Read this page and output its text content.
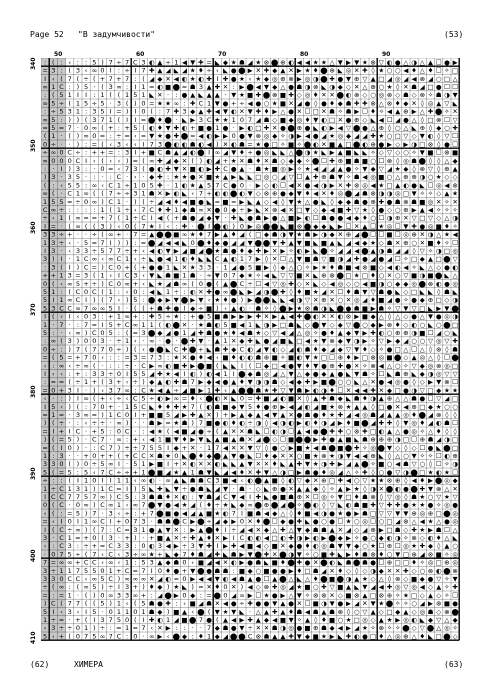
Page 52 "В задумчивости"	(53)
50	60	70	80	90
340
350
360
370
380
390
400
410
: ( : ‹ : : 5 ) 7 ÷ 7 C 3 ◐ ▲ ÷ 1 ◀ ▼ ✚ = ◣ ◆ ★ ☗ ◢ ★ ⊗ ⬤ ⊕ ◐ ◀ ◀ ★ ★ △ ▼ ▶ ▼ ★ ⊗ ▽ ◐ ● △ ◑ △ ▲ ☐ ● ▶
= 3 : ( 3 ‹ ∞ 0 I : ÷ I 7 ✚ ▲ ◢ ◣ ◢ ★ ♦ ÷ ‹ ◣ ● ⬤ ▶ ✕ ✚ ◆ ▲ ✕ ▶ ★ ♦ ⬤ ⊕ ◣ ◎ ✕ ✚ ◊ ★ ○ ○ ◀ ♦ △ ♦ ☐ ✧ □
I ‹ ( 7 ( ÷ ( + 7 + 7 : ( ◢ ◆ ✕ ◀ ◐ ★ ◐ ✚ I ✚ ● ★ ‹ ★ ◆ ◎ ⊕ ⊗ ▶ ◎ ◑ ⬤ ✚ ● ▼ ⊕ ▽ ▲ □ ◢ ◎ ◢ ◀ ⊗ ◢ ○ □ △
∞ 1 C : ) 5 · ( 3 ∞ : I 1 = ◐ ■ ⬤ = ☗ 3 ▲ ✚ ✕ : ▶ ⬤ ◀ ▼ ◆ △ ● ☗ ◑ ⊗ ◣ ◑ ◆ ◇ ✕ △ ⊕ ○ ★ ◊ ✕ ☗ ◢ □ ● ☐ ☐
: ( 5 1 I I : 1 ( ( 1 5 1 ◣ ✕ · : ● ▲ ◣ ▲ ▲ · ▼ ★ ■ ✚ ⬤ ⊗ ■ ✚ ◇ ◎ ♦ ✕ ✕ ⬤ ◐ ⊗ ◇ ○ ◎ ⊗ ◇ ☗ ◇ ⊗ ✧ ☗ ◑ ▼
∞ 5 ÷ ( 1 5 ÷ 5 · 3 ( ) 0 = ★ ★ ∞ : ✚ C 1 ▼ ● + ÷ ◀ ● ○ ★ ■ ✕ ◢ ● ◊ ● ♦ ◆ ☗ ✚ ✚ ⊗ △ ⊗ ♦ ◆ ✕ ◊ ◎ ▲ ▽ ◣
: ÷ 5 3 1 : 3 5 I = ) I 0 ( : 7 ✚ 3 ◆ ▲ ✚ ◀ ▼ ◐ ✕ ▼ ✚ ♦ ▶ △ ● ✕ ☐ □ ✕ ☗ ✧ ☗ ▶ ☐ ♦ ✧ ◀ ▲ ⊕ ▶ △ ✚ ⬤ ✧ ✕
∞ 5 : ) ) ( 3 7 1 ( I I = ⬤ ♦ ⬤ · ◣ ▶ 3 C ★ ★ 1 0 7 ◢ ☗ ◇ ■ ◆ ◎ ♦ ▼ ◐ □ ✕ ● ⊕ ◇ ◣ ◀ ☐ ◢ ● △ ◊ □ ⊗ ☐ ▽
= 5 = 7 · 0 ∞ ( + : + 5 ( ◐ ♦ ▼ ✚ ◐ + ■ ● 1 ● · ▶ ◐ □ ✚ ✕ ● ⬤ ⊕ ● ◣ ◐ ▶ ◀ ▽ ⬤ ● △ ⊕ ◊ ○ △ ◣ ⊕ ◊ ◆ ○ ✚
( 1 · ( ) ∞ 0 = : ÷ = ‹ = ▼ ★ ● ✚ ⬤ = ◀ ◐ ▶ ▶ 0 ● ▼ ⊗ ◎ ◆ ✧ ◑ ▶ ◀ ● ◢ ★ ◎ ◆ ◢ ◢ ✚ ★ ○ □ ▽ ◇ ▼ ◐ ◊ ▽ ☐
0 ÷ · · ) : = ( ‹ 3 ‹ ‹ I 7 3 ⬤ ◐ ◐ ☗ ◐ ◀ ) ✕ ◐ ☗ = ★ ● □ ✧ ■ ✧ ⬤ ◐ ✕ ■ ▲ □ ⬤ ◐ ⊕ ● ▶ ◇ ▶ ◑ □ ⊗ ◊ ● ☐
÷ ∞ 0 C ÷ : + + = : 3 I + ■ C ☗ ▲ ◢ ◐ ⬤ I ∞ ◢ ▼ ♦ + ● ◎ ◣ ◣ △ ⬤ ◑ ★ ◣ ▶ ▲ ■ ◣ ◣ ✧ ◇ ▽ ◇ ○ ✧ ▼ ■ ☐ ⊗ ■
∞ 0 0 0 C I ‹ ( ‹ ‹ ) = ( ∞ ✚ ◢ ◆ ✕ ( ) ◐ ◢ + ★ ✕ ☗ ♦ ✕ ☗ ◇ ◆ ◆ ✧ ⬤ ☐ ✚ ⊕ ■ ☗ ■ ○ ☐ ⊗ ◊ ◎ ☗ ⬤ ◊ ◊ △ ◆
: · I ) 3 : · 0 = ‹ 7 3 ( ● ◐ ✚ ▼ ✕ ■ ◐ ▶ ✚ C ● ▲ · ☗ ★ ■ ◎ ▶ ✧ ★ ◀ ◢ ◢ ▲ ● ✧ ▼ ◆ ▽ ◢ ★ ◆ ◊ ⊗ ▽ ◊ ⊕ ▲
) 3 · 3 5 · : · : C · ‹ · ◆ ✚ : ★ ★ ● ✕ ■ ★ ▲ ▶ ◣ ◣ □ ◎ ○ ◢ ▽ ☐ ▲ ✚ ⊕ ☗ ▼ ✧ ☗ ◀ ◎ ■ ○ △ ⊕ ⊕ ◑ ○ ★ ◇ ◇
( : ‹ 5 5 : ∞ ‹ C 1 ÷ 1 0 5 ✚ · 1 ◐ ★ ▲ 5 7 C ● 0 · ▶ ◇ ◐ ☐ ◀ ✕ ● ◀ ◑ ▶ ✕ ✚ ⊗ ◎ ◀ ★ □ ▲ ◐ ● ◣ ☐ ◎ ◀ ⊗
∞ ( · C 1 ∞ ( ( 7 ÷ ÷ 3 1 ☗ ✕ ▶ ◐ ◣ ‹ 7 + ◐ ◐ ⬤ ◐ ▼ ◇ ⊗ ⊕ ● ◆ ▼ ♦ ◀ ✕ ♦ ◎ ⬤ ◢ ☗ ⊗ ◑ ◑ ◎ □ ▼ ✧ ✧ ◇ ▲ ★
1 5 5 = ÷ 0 ∞ ) C 1 · ) ( ÷ ◢ ◀ ♦ ◀ ■ ● ◣ = ■ = ▶ ◣ ▲ ◇ ◀ ◊ ▼ ★ △ ● ◣ ◊ ◆ ◆ ☗ ● ⊕ ✚ ● ☗ ⊗ ☗ ■ ◎ ✕ ✧ ✕
C ∞ ÷ : : : : 1 ( 1 ÷ ‹ 7 C ♦ ✚ 1 ◆ ☗ ∞ ✕ ● 0 ◆ ÷ ▶ ◣ ✕ ⊗ ◀ ✕ □ ▼ ◇ ◆ ◀ ■ ✚ ▽ ★ ◊ ● ◇ ○ ⊕ ▶ ▲ ◀ ✧ ✧ ✧
÷ ‹ 1 ( ∞ = = + 7 ( 1 ÷ C I ◀ ( + ☗ ● ◢ ◆ ▼ · ✚ ◣ ● ☗ ▶ ● △ ■ ▶ ◐ ☐ ☗ ● ● ◀ ◆ ♦ ○ ☐ ◑ ⊕ ✕ ▽ □ ▽ ◇ △ ◑
I = · ( ∞ ( ( 3 ) ‹ 0 ( 7 ★ I ‹ : ✚ · ⬤ I ⬤ ◐ ) 0 ▶ ◎ ⬤ ⬤ ◣ ■ ⊗ ⬤ ◆ ◆ ◣ ▶ ☐ ✕ ▲ ☐ ★ ◎ ☐ ▼ ✚ ● ◎ ■ ♦ ✧
3 3 ÷ + · · ÷ ( ∞ + · 7 = ▲ ⬤ ⬤ ■ ∞ ★ ♦ 7 ▶ ▲ ♦ ◢ ( □ ◆ ☗ ◑ ▼ ★ ☗ ▶ ◑ ◆ ✕ ⊕ ◢ ⬤ ☐ ☐ ■ ☐ ◎ ⊕ ✕ ◑ △ ★ ◀
1 3 ÷ ‹ · 5 = 7 I ) ) : = ⬤ ◢ ◀ ◀ ◣ 0 ⬤ ♦ ◆ ● ◢ ◢ ▼ ⬤ ⬤ ▼ ✚ ▲ ▼ ■ ◣ ■ ▲ ◣ ◢ ◀ ◆ ★ ◇ ☗ ✕ ⊕ ○ ✕ ■ ♦ ✧ ☐
I 3 · ‹ 3 3 ÷ 5 7 7 ÷ + ‹ ◀ ◐ ▼ ▶ ◢ ■ ◢ ⬤ ★ ☗ ● ♦ ◆ ✚ ▶ ✕ ▶ ✧ ◐ ▶ ◣ ⬤ ✧ ◢ ◢ ◀ ⬤ ▲ ◑ ☗ ◢ ◢ ◊ ▽ ✧ ◑ □ ◎
3 ) I · 1 C ∞ ‹ ∞ C 1 ‹ ÷ ◣ ● ◀ 1 ◐ ♦ ◣ ◣ C ▲ ◐ 1 7 ▶ ◊ ✕ ☐ △ ▼ ■ ☗ ▽ ■ ◑ ◢ ✚ ● ◢ ● ◢ ☐ ✧ □ ◆ ▲ □ ⬤ ▽
: 3 ( I ) C = ) C 0 + ( + ● ● 1 ◣ ✕ ★ 3 3 · 1 ◢ ● 5 ■ ▶ ◊ ◆ △ ○ ✧ ▶ ★ ♦ ☗ ■ ◀ ⊗ ■ ◇ ◀ ◐ ◀ ✧ ◣ △ ◇ ● ◐
+ + 1 3 = 3 ( 1 ‹ I C 3 ‹ ▼ ◣ ☗ ■ 1 ☗ · ÷ ▼ 0 7 ◆ ★ ✧ ◀ ◣ ▽ ▽ ■ ✕ ◣ ⊕ ⊗ ⬤ □ ★ □ ♦ ○ ✕ ○ ▽ ■ ◑ ■ ⬤ ◣ △
0 ( ‹ ∞ 5 + ÷ ) C 0 ∞ + ‹ ◣ ★ ◢ ☗ ∞ ( 0 ● ( ▲ ⬤ C ÷ ☐ ◀ ▽ ◎ ✚ ◇ ✕ ◣ ◇ ◀ ◎ ◇ ○ ◀ ■ ◑ ○ ◆ ◆ ◎ ⬤ ⊗ ◐ ● ◎
5 1 : ( C 0 C ( 1 : ‹ 0 : ◀ ◣ 1 ÷ : ◐ ✕ ✚ ● ∞ ⬤ ◣ ▶ ◢ ◑ ⬤ ✚ ◊ ♦ ■ ★ ◢ ✕ ☐ ♦ ☗ ▼ ▽ ☗ ● ◣ ◇ □ ◣ ◣ ◊ ☗ ◣
5 I 1 ∞ C I ) ( 7 ‹ ) 5 : ⬤ ◆ ▶ ▼ ⬤ ▶ ▼ ‹ ★ ♦ ● ) ▶ ⬤ ⬤ ◣ ◣ ◀ ◑ ▽ ✕ ⊕ ✕ ○ ✕ ◎ ◢ ♦ ■ ◢ ● ✧ ● ◆ ⊕ □ ◇ ◑
5 3 C C ∞ 7 ∞ ∞ 5 I · ( ( + ☗ ✚ ● I ◆ ÷ ■ ) ‹ ▲ ◐ · ☗ ✧ ◊ ⬤ ▶ ★ ⊗ ☗ ◑ ◣ ⬤ ● ☗ ■ ▶ ☗ ✧ ▽ ▼ ▽ □ ◣ ▶ ▼ ⬤
I ( ‹ I ‹ 0 3 : + 1 ∞ + : ✚ 5 ÷ ★ : + ● 5 ■ ☗ ▶ ▶ ▶ ✚ ✕ ▶ ▲ ◀ ✚ ⬤ ◐ ✕ ✕ ◐ ⊗ ▶ ■ ◆ △ ◊ △ ◇ ● △ ▼ ● ◎ ◑
1 · 7 · : 7 = I 5 + C ∞ 1 1 ( ◐ ⬤ ✕ · ★ ☗ ◐ 5 ■ ◀ 1 ◣ ◑ ▶ □ ☗ ◣ ◇ ⬤ ▼ ◇ ◆ ▽ ⬤ ○ ◆ ▶ ⊗ ♦ ◇ ◐ ○ ◣ ○ ⬤ □
5 : · ‹ ∞ ) C 0 5 : ( = 3 ⬤ ◆ ◢ ● 1 ◢ ✚ ☗ ● ★ ♦ ◀ ☗ ★ ◇ ▽ ◀ ◢ △ ◎ ✧ ● ♦ ▲ ◆ ▼ ▶ ✚ ◐ ○ ⊕ ⊕ ◑ ■ ☐ ◢ ○ ◣
: ∞ ( 3 ) 0 0 3 · ÷ 1 ‹ · ∞ · ● · ⬤ ✚ ▼ · ▲ 1 ✕ ◆ ✚ ◣ ● ◢ ■ ◣ □ ◀ ★ ▼ ⊗ ◆ ▼ ◑ ▶ ✧ ▽ ▶ ◆ ◢ ○ ○ ▽ ◎ ▽ ✚
0 ÷ : ) 7 ( 7 7 0 ÷ ) ( ‹ ● ⬤ ◣ C ✚ ⬤ + ◣ ☗ ✚ ◆ C ◐ ◢ ▼ ◐ ◇ ◢ ◐ ☗ ♦ ◆ ◢ ◆ ▽ ▼ ♦ ◇ ✧ ● □ △ ☐ △ ◊ ⊗ ◊ ☗
= ( 5 = + 7 0 ‹ : : = 3 = 7 3 : ★ ✕ ● ♦ ◀ ‹ ■ ♦ ◐ ◐ ☗ ⊕ ■ ✧ ■ ◐ ▼ ★ □ ☐ ⊕ ♦ ▶ □ ⊗ ◎ ■ ⬤ ◇ ▲ ◎ △ ◊ ☐ ⬤
‹ : ∞ ‹ ÷ ∞ ( · : : ÷ · C ▶ ∞ ◐ ■ ✚ ▶ ⬤ ■ ( ◣ ◣ I ( ☐ ◆ □ ◀ ● ▼ ♦ ▼ ● ⊕ ✚ ● ✕ ✧ ⊗ ◀ △ ○ ✧ ▽ ◆ ◎ ⊗ ◎ □
I ‹ ‹ : + : 3 3 ÷ 0 I 5 5 ◢ ✚ ★ ◀ I ◐ ) ◐ ◀ 1 I ⬤ ◆ ☗ ◎ ◢ △ ▼ △ ◆ ● ◆ ▲ ● ◣ ▼ ☗ ✧ ☐ ◣ ☗ ⊕ ◣ ◆ ◑ ◎ ▽ ▽
: = = ( ÷ 1 + ( 3 + ‹ ÷ ) ◆ ▲ ◐ ✚ ☗ 7 ▶ ◆ ◀ ● ▲ ♦ ▼ ◑ ◑ ☗ ◇ ◀ ◆ ✚ ▶ ■ ⬤ ○ ○ ◣ △ ✕ ● ◀ ◎ ● ◊ ◇ ▶ ▼ ⊗ ☐
= 0 + 3 I · ) ‹ 3 7 ∞ : C ★ ◀ ▲ ÷ ◢ ■ ▶ 1 ✚ ‹ ▲ ⬤ ⬤ ☗ ★ ✚ ▽ ▼ ☗ ▶ ◐ ◑ ♦ ☐ ✕ ◀ ◀ ✚ ✕ ◆ □ ● ◑ ▽ □ ◆ ★ ★
‹ · : ) I ∞ ( + ‹ ÷ ‹ C 5 ÷ ◐ ▶ ∞ = ♦ ‹ ⬤ ◐ ✕ ◣ 0 = ✚ ■ ◢ ◐ ■ ✕ ◊ ▲ ✚ ☗ ◆ ◣ ☗ ♦ ◑ ▲ ⊕ △ △ ☗ ● ☐ ▽ ◢ □
I 5 ‹ ) ( : 7 0 + · 1 5 C ◣ ♦ ♦ ✚ ★ 7 ( ◐ ☗ ■ ◆ ▼ 5 ♦ ● ⊕ ▶ ◀ ◢ ◐ ◢ ■ ★ ⊗ ★ ▲ ▲ ◊ □ ● ✕ ◀ ⊕ □ ◆ ★ ○ ○
= 1 = · 3 ∞ = ) 1 C 0 I + ■ ■ 5 ◢ ▶ ✚ ▲ ✕ ) + ▶ ▲ ◆ ▲ ◀ ▼ ▲ ✕ ● ☗ ● ♦ ★ ✚ ◢ ◀ ◎ ☗ ◢ ▲ ▲ ◎ ♦ ⬤ ◢ ⊗ ◊ ◊
) ( ÷ · : ‹ ÷ ÷ · ∞ ) · · ☗ ▶ = ★ ☗ ) 7 ■ ● ◐ ♦ ◐ ÷ ◑ ◊ ◀ ◑ ◐ ▶ ◐ ♦ ◑ ◢ ▶ ♦ ■ ⬤ ◢ ✚ ✚ ◊ ▼ ◎ ♦ ◢ ◐ ☗ ☐
= I + I C · + 5 : 0 C · : ◀ ★ ( ◀ ■ ◢ ● ÷ ( ▲ ✕ ✕ ☗ ◣ ☐ ◐ ◑ ☐ ▲ ◀ ● ⬤ ✚ ✚ ○ ⊗ ✚ □ ◐ ▲ △ ● ◎ ✧ △ ♦ ◊ ◊
) ( = 5 ) · C 7 · ∞ : + ‹ ◀ 1 ■ ▼ ♦ ▶ ▼ ◣ ▲ ■ ▲ ☗ ✕ ◢ ⬤ ◇ ☐ ■ ⬤ ⬤ ▶ ✚ ● ▲ ■ ◣ ☗ ⊕ ⊕ ⊕ ◑ □ ☐ ⊕ ☗ ◢ ◑ □
= ( I 0 ) · : C 7 ) ÷ ÷ 7 5 5 I ◆ + ✕ · 1 7 ◀ ✕ ✕ ▼ ▽ ◊ ● ○ ▶ ■ ★ ◀ ☗ ⬤ ■ ⬤ ✚ ✧ ◎ ⬤ ▼ ◇ ◊ ◇ ☐ ● ◣ ⬤ □
1 : 3 · · + 0 + + ( + C C ✕ ☗ ★ 0 ◣ ⬤ ♦ ◆ ⬤ ▲ ▼ ● ◣ ☐ ♦ ◆ ✕ ✕ ○ ■ ★ ⊗ ★ ◑ ▼ ◀ ◀ ⊕ ◣ ◊ △ ○ ▼ ✧ ✧ ☐ ◐ ⊕
3 3 0 ( ) 0 ÷ 5 ∞ I · 5 1 ▶ ■ I + ✕ ◐ ✕ ✕ ◐ ◣ ◣ ▲ ▼ ✕ ✕ ♦ ◣ ▲ ✚ ▼ ★ ◑ ✚ ▶ ◢ ▲ ⬤ ✧ ■ ○ ◀ ☗ ▽ ○ ◊ ☐ ✧ ◑
5 ( = 5 : 5 ‹ 7 C ÷ ÷ + 1 ⬤ ■ ◢ ★ ▲ 1 ☗ ▼ ◣ ◢ ◀ ♦ ✕ ✚ ▼ △ ◑ □ ▶ ☗ ● ♦ ◎ ◢ △ ✧ ✚ ◊ ○ ● ▽ ◑ ⬤ □ ★ ◐ ★ ☐
÷ : : ( I 1 0 I I 1 1 ‹ ∞ ◐ · ∞ ▲ ◣ ☗ ☗ C 3 ■ ◀ ‹ ◐ ⬤ ▲ ■ ◊ ◐ ▽ ◆ ✕ ⊕ □ ✚ ◀ ○ ▽ ★ ★ ⊗ ⊕ ◊ ◀ ♦ ▶ ⬤ ◎ ◆
1 ÷ C 1 3 1 ) 1 C = I ) 5 ◣ ✚ ◣ ▼ ÷ ● ☗ ◣ ◢ ▼ · ☗ · ◇ ◣ ⊕ ● ✕ ▲ ▲ ◆ ◊ ✧ ▲ ▶ ★ ◊ ◑ ✕ ⬤ ◐ ● ⬤ ✚ ▼ ⊗ △ ✕
I C C 7 7 5 7 ∞ ) C 5 : 3 ☗ ☗ ♦ ✕ ◐ : ▼ ☗ ◢ C ▼ ◀ I ✚ ◣ ● ■ ☗ ⊕ ✕ ☐ ◎ ✧ ▼ □ ♦ ☗ ⊗ ◊ ▽ ◎ ◊ ☗ ★ ○ ▽ ★ ▽
0 ( C · 0 ∞ ) C ∞ 1 ‹ ∞ 7 ⬤ ▼ ● ◀ ★ ◢ ( ♦ ÷ ★ ◣ ◆ ∞ ⬤ ⊕ ⬤ ◢ ⬤ ✧ ⬤ ◐ ◊ ▽ ◣ ◐ ☗ ■ ✚ ▽ ✚ ✚ ● ★ ★ ● ✧ ◎ ●
‹ ( : = 5 ) 7 · 3 ‹ ÷ : + 7 ⬤ ■ ● ◀ ◢ ▲ ■ ★ ◐ 7 I ■ ☗ ◀ ◆ △ ◊ ♦ ■ ◀ ◑ ● ★ ● ▶ ☗ □ ▽ ▽ ▼ ▼ ⊕ ◎ ⊕ □ ⬤ ◎
= ‹ I 0 I 1 ∞ C I + 0 7 3 · ☗ ☗ ⬤ C ▶ ⬤ ÷ ◢ ◆ ▶ 0 ✕ ♦ ⬤ ☐ ◆ ● ✚ ◣ ● ○ ● ☐ ★ ○ ◎ ☐ ○ □ ◢ ⊗ △ ◀ ★ △ ● ◎
I ( C ÷ ∞ ) ( 7 : C = 3 1 ● ▲ ▼ ✕ : ▶ ▲ ⬤ ♦ I ÷ ◢ ◀ ✕ ◆ △ ✚ △ ▼ ◆ ☗ ☗ ▲ ✕ ◢ ◇ ◢ ⊕ ▶ □ ☗ ◇ ✚ ★ ▶ ☗ ☐ △
3 · C 1 = + 0 ( 3 · + ) · + ■ ▲ ✕ ÷ ✚ ▲ ♦ ✕ ▶ I C ◐ ◐ ◀ □ ◐ ✚ ◑ ▶ ◐ ▶ ⬤ ◆ ▶ ✧ ● ○ ◆ ◐ ◑ ✧ ⊗ ◇ ◐ ♦ △ ◣
‹ : C 3 : ÷ + = C 3 3 : 0 ◐ 3 ◀ ▶ ÷ 3 ▼ ✚ I ▶ ✚ ◀ ■ ◀ ◇ ■ ✕ ◆ ● ♦ ◐ ◎ ☗ ▼ ▼ ◆ ○ ★ ☐ ⊕ ☐ ◎ ★ ✚ ◆ ◊ ▲ ○
· 0 7 5 ÷ ( 7 ‹ C ‹ 3 ÷ ∞ ★ + ◣ ◆ 7 ♦ ☗ ◢ ✚ ◣ ☗ ▶ ▼ ⬤ ✚ ✕ ⬤ ◑ ▼ ✧ ○ ■ ✚ ◣ ▶ ♦ ☗ ⊗ ♦ ○ ▼ □ ⊕ ◢ ⊗ ■ ✧ ◎
7 = ∞ ∞ + C C ‹ ∞ ‹ 1 : 5 3 ▲ ◆ ☗ 0 ‹ ■ ◢ ◀ ✕ ◐ ▶ ● ☗ ◣ ■ ♦ ⬤ ✚ ● ✕ ⬤ ◐ ◣ ☗ ⬤ ☗ ● ☐ ⊕ □ □ ♦ ✧ ◎ □ ⊕ ◎
3 ÷ 1 1 7 5 5 0 1 + C = 7 I 0 ♦ ● + ▼ ⬤ ● ☗ ☗ : ■ ◆ ○ ■ ● ● ▶ ♦ □ ☗ ◢ ✕ ♦ ◇ ◊ ◇ ◑ ◆ ✕ ✕ ✚ ◇ ○ ⊗ ◐ ⬤ ⊗
3 3 0 C C ‹ ∞ 5 C ) ∞ ∞ ∞ ✕ ◢ ◐ = 0 ▶ ◀ ◀ ▼ ◐ ◀ ☗ ▲ ● ☐ ▲ ⬤ △ ◣ △ ♦ ⬤ ■ ⬤ ◑ ▲ ★ ◇ △ ◊ ⊗ ◇ ■ ◆ ● ▽ ✧ ▼
÷ ( ∞ : ( ∞ 5 ) ÷ I 3 + ) ♦ ◆ ) ★ ◣ ) = ✕ ♦ 0 ✕ ) ◀ ◇ ⊗ ✚ ◎ ◢ ★ ■ ○ ✚ ▽ ■ ▲ ◣ ▼ ◢ ◀ ✚ ◎ ▽ ◎ ◀ ◇ ▲ ✧ ✚
= : = 1 · ( ) 0 ∞ 3 3 ∞ + : ◢ ⬤ ▶ 0 ◆ : = ⬤ 0 ◢ ∞ ▶ ☐ ★ ● ▶ △ ▼ ✧ ⊗ ⊗ ✕ ◇ ■ ⊗ ▲ □ ⊗ ⊕ ✧ ★ □ ◇ ▲ ◇ ✧ ☐
) C ( 7 7 ( ( 5 ) 1 ‹ ( 5 ☗ ● ✚ : ‹ ■ ◢ ☗ ✕ ◀ ● ÷ ✚ ● ● ▼ ▲ ● ✕ ☐ ■ ◑ ▼ ● ▶ ◢ ✕ ▼ ★ ⬤ ✧ ✧ ○ ◢ ▶ ⊗ ■ ●
5 I ‹ 3 ‹ I 5 · 0 1 1 0 1 ☗ ◆ ) ■ ▲ ‹ ⬤ ( ▼ ★ ▼ ◣ · △ ▲ ✚ ▲ ♦ ☗ ◀ ☗ ▲ ☗ ⊗ ◊ ○ ▽ ▲ ◇ □ ◆ ▲ ◇ ◎ ☗ ◇ ⊗ ⬤
1 ÷ = · + ( I 3 7 5 0 ( I ✚ ◐ 1 ◢ ■ ⬤ 7 ● ( ▲ ◀ ▶ ✚ ▲ ◆ ◀ ■ ▼ ✧ ▲ ◊ ♦ ■ ○ ★ □ ◎ ◇ ▲ ★ ▶ ◎ ◐ ◣ ◆ ▽ △ ◆
‹ 3 ÷ ÷ 0 1 ) ÷ : = 1 = 7 ‹ ✕ ▶ : : · · 7 ◆ ☗ ● ▼ ÷ ✕ ✕ ☗ ◑ ◎ ● ■ ⊕ ☗ ◆ ◀ ▶ ◢ ★ ✧ ⊗ ✧ ✧ ⬤ ◇ ▽ ⬤ △ ◎ ✧
5 ‹ + ( 0 7 5 ∞ 7 C : 0 · ∞ ▶ ‹ ⬤ ◆ : ♦ 1 ◆ ◢ ⬤ ⬤ C ⊗ ☗ ▲ ▲ ✚ ▼ ◆ ■ ★ ▶ ◣ ✚ ◐ ● □ ♦ △ ◎ ⊕ △ ♦ ◣ □ ⬤ ◇
(62)	ХИМЕРА	(63)
